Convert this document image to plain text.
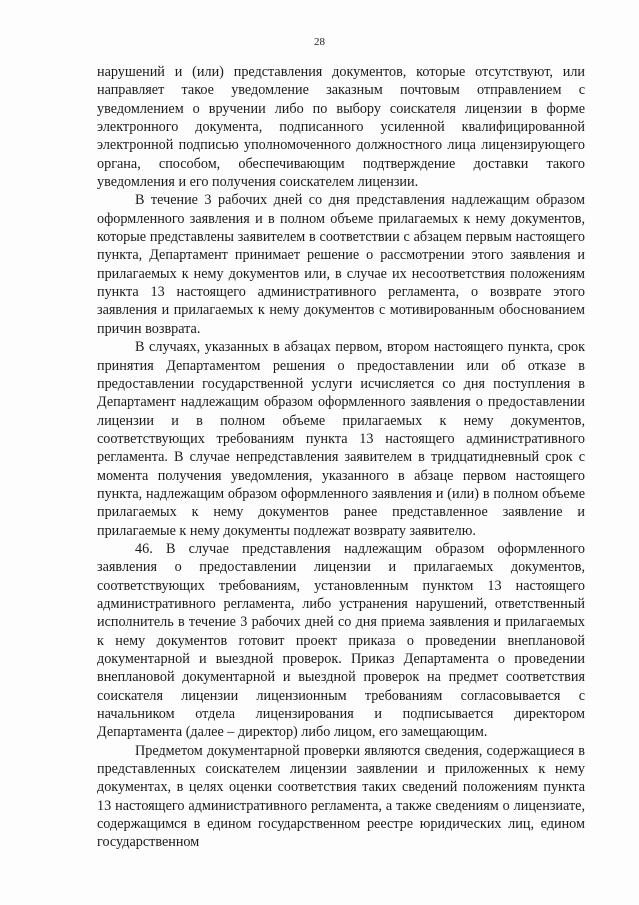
28

нарушений и (или) представления документов, которые отсутствуют, или направляет такое уведомление заказным почтовым отправлением с уведомлением о вручении либо по выбору соискателя лицензии в форме электронного документа, подписанного усиленной квалифицированной электронной подписью уполномоченного должностного лица лицензирующего органа, способом, обеспечивающим подтверждение доставки такого уведомления и его получения соискателем лицензии.

В течение 3 рабочих дней со дня представления надлежащим образом оформленного заявления и в полном объеме прилагаемых к нему документов, которые представлены заявителем в соответствии с абзацем первым настоящего пункта, Департамент принимает решение о рассмотрении этого заявления и прилагаемых к нему документов или, в случае их несоответствия положениям пункта 13 настоящего административного регламента, о возврате этого заявления и прилагаемых к нему документов с мотивированным обоснованием причин возврата.

В случаях, указанных в абзацах первом, втором настоящего пункта, срок принятия Департаментом решения о предоставлении или об отказе в предоставлении государственной услуги исчисляется со дня поступления в Департамент надлежащим образом оформленного заявления о предоставлении лицензии и в полном объеме прилагаемых к нему документов, соответствующих требованиям пункта 13 настоящего административного регламента. В случае непредставления заявителем в тридцатидневный срок с момента получения уведомления, указанного в абзаце первом настоящего пункта, надлежащим образом оформленного заявления и (или) в полном объеме прилагаемых к нему документов ранее представленное заявление и прилагаемые к нему документы подлежат возврату заявителю.

46. В случае представления надлежащим образом оформленного заявления о предоставлении лицензии и прилагаемых документов, соответствующих требованиям, установленным пунктом 13 настоящего административного регламента, либо устранения нарушений, ответственный исполнитель в течение 3 рабочих дней со дня приема заявления и прилагаемых к нему документов готовит проект приказа о проведении внеплановой документарной и выездной проверок. Приказ Департамента о проведении внеплановой документарной и выездной проверок на предмет соответствия соискателя лицензии лицензионным требованиям согласовывается с начальником отдела лицензирования и подписывается директором Департамента (далее – директор) либо лицом, его замещающим.

Предметом документарной проверки являются сведения, содержащиеся в представленных соискателем лицензии заявлении и приложенных к нему документах, в целях оценки соответствия таких сведений положениям пункта 13 настоящего административного регламента, а также сведениям о лицензиате, содержащимся в едином государственном реестре юридических лиц, едином государственном
